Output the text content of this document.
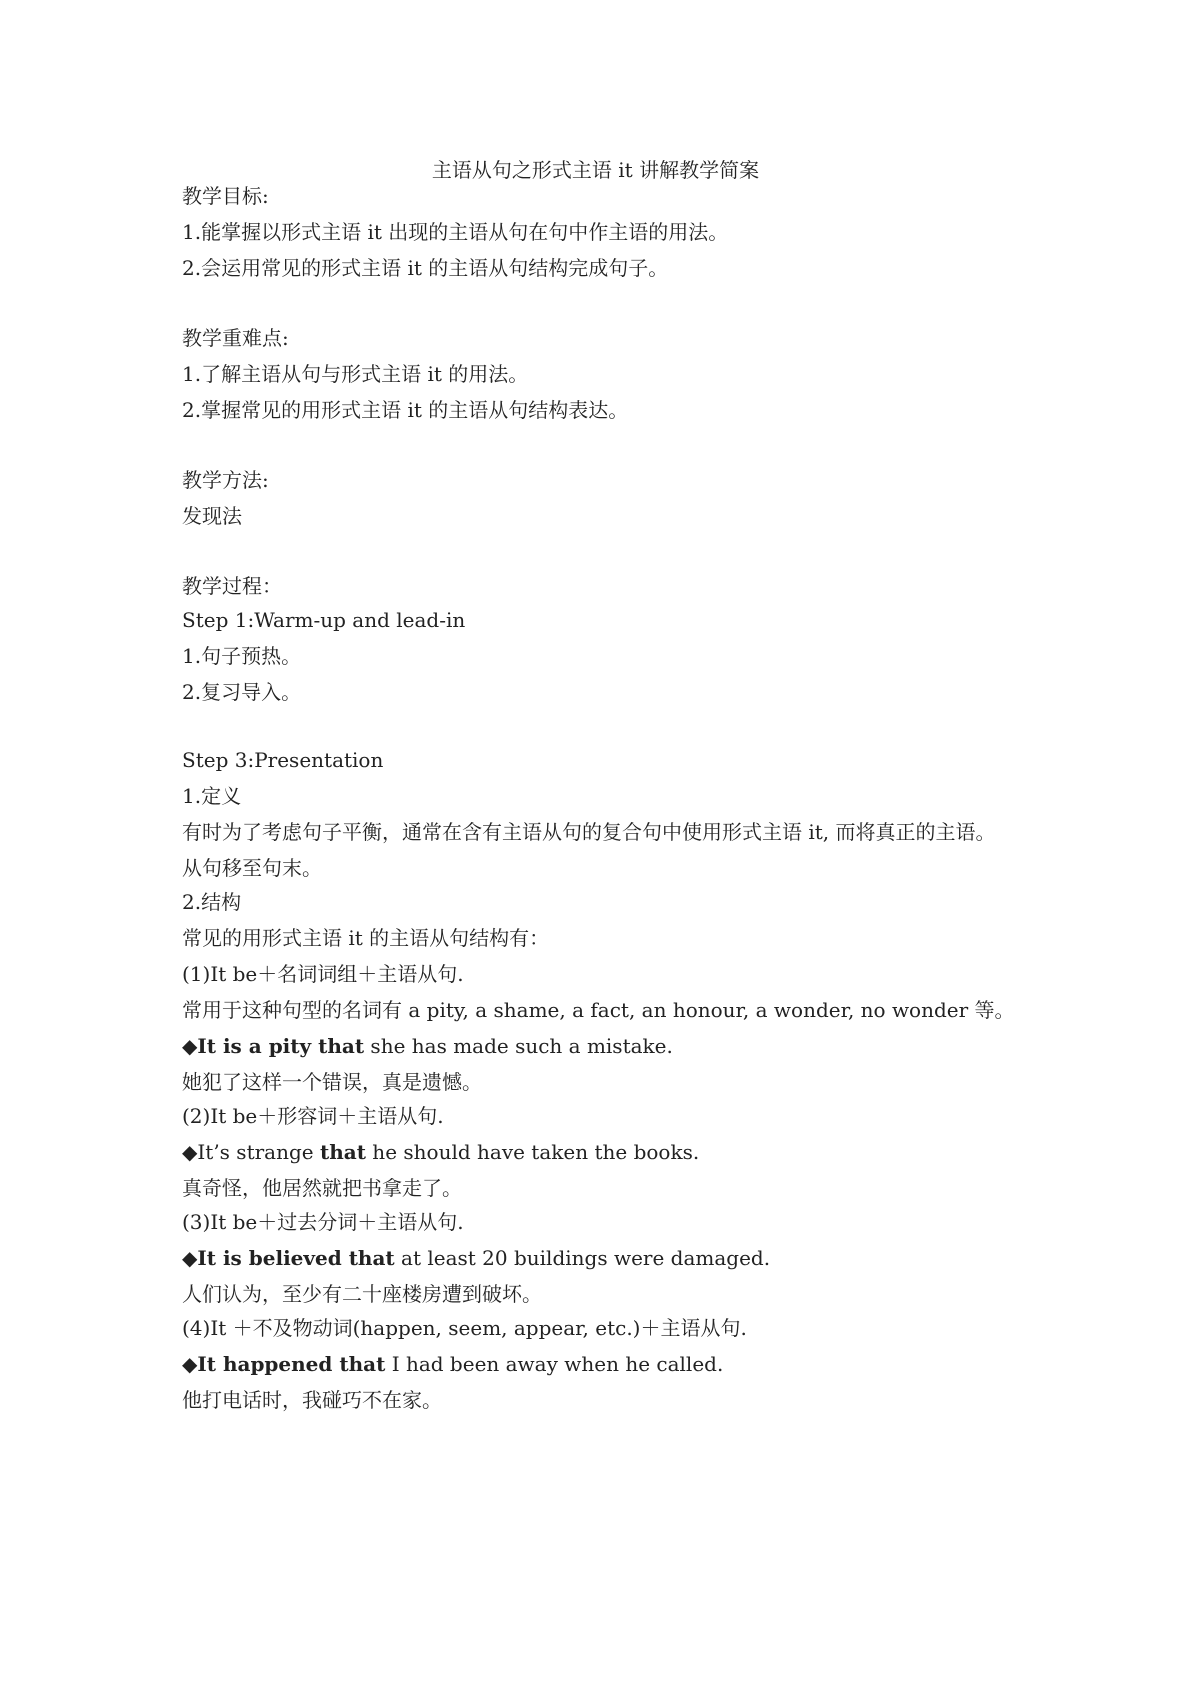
主语从句之形式主语 it 讲解教学简案
教学目标:
1.能掌握以形式主语 it 出现的主语从句在句中作主语的用法。
2.会运用常见的形式主语 it 的主语从句结构完成句子。
教学重难点:
1.了解主语从句与形式主语 it 的用法。
2.掌握常见的用形式主语 it 的主语从句结构表达。
教学方法:
发现法
教学过程：
Step 1:Warm-up and lead-in
1.句子预热。
2.复习导入。
Step 3:Presentation
1.定义
有时为了考虑句子平衡，通常在含有主语从句的复合句中使用形式主语 it, 而将真正的主语。
从句移至句末。
2.结构
常见的用形式主语 it 的主语从句结构有：
(1)It be＋名词词组＋主语从句.
常用于这种句型的名词有 a pity, a shame, a fact, an honour, a wonder, no wonder 等。
◆It is a pity that she has made such a mistake.
她犯了这样一个错误，真是遗憾。
(2)It be＋形容词＋主语从句.
◆It’s strange that he should have taken the books.
真奇怪，他居然就把书拿走了。
(3)It be＋过去分词＋主语从句.
◆It is believed that at least 20 buildings were damaged.
人们认为，至少有二十座楼房遭到破坏。
(4)It ＋不及物动词(happen, seem, appear, etc.)＋主语从句.
◆It happened that I had been away when he called.
他打电话时，我碰巧不在家。
